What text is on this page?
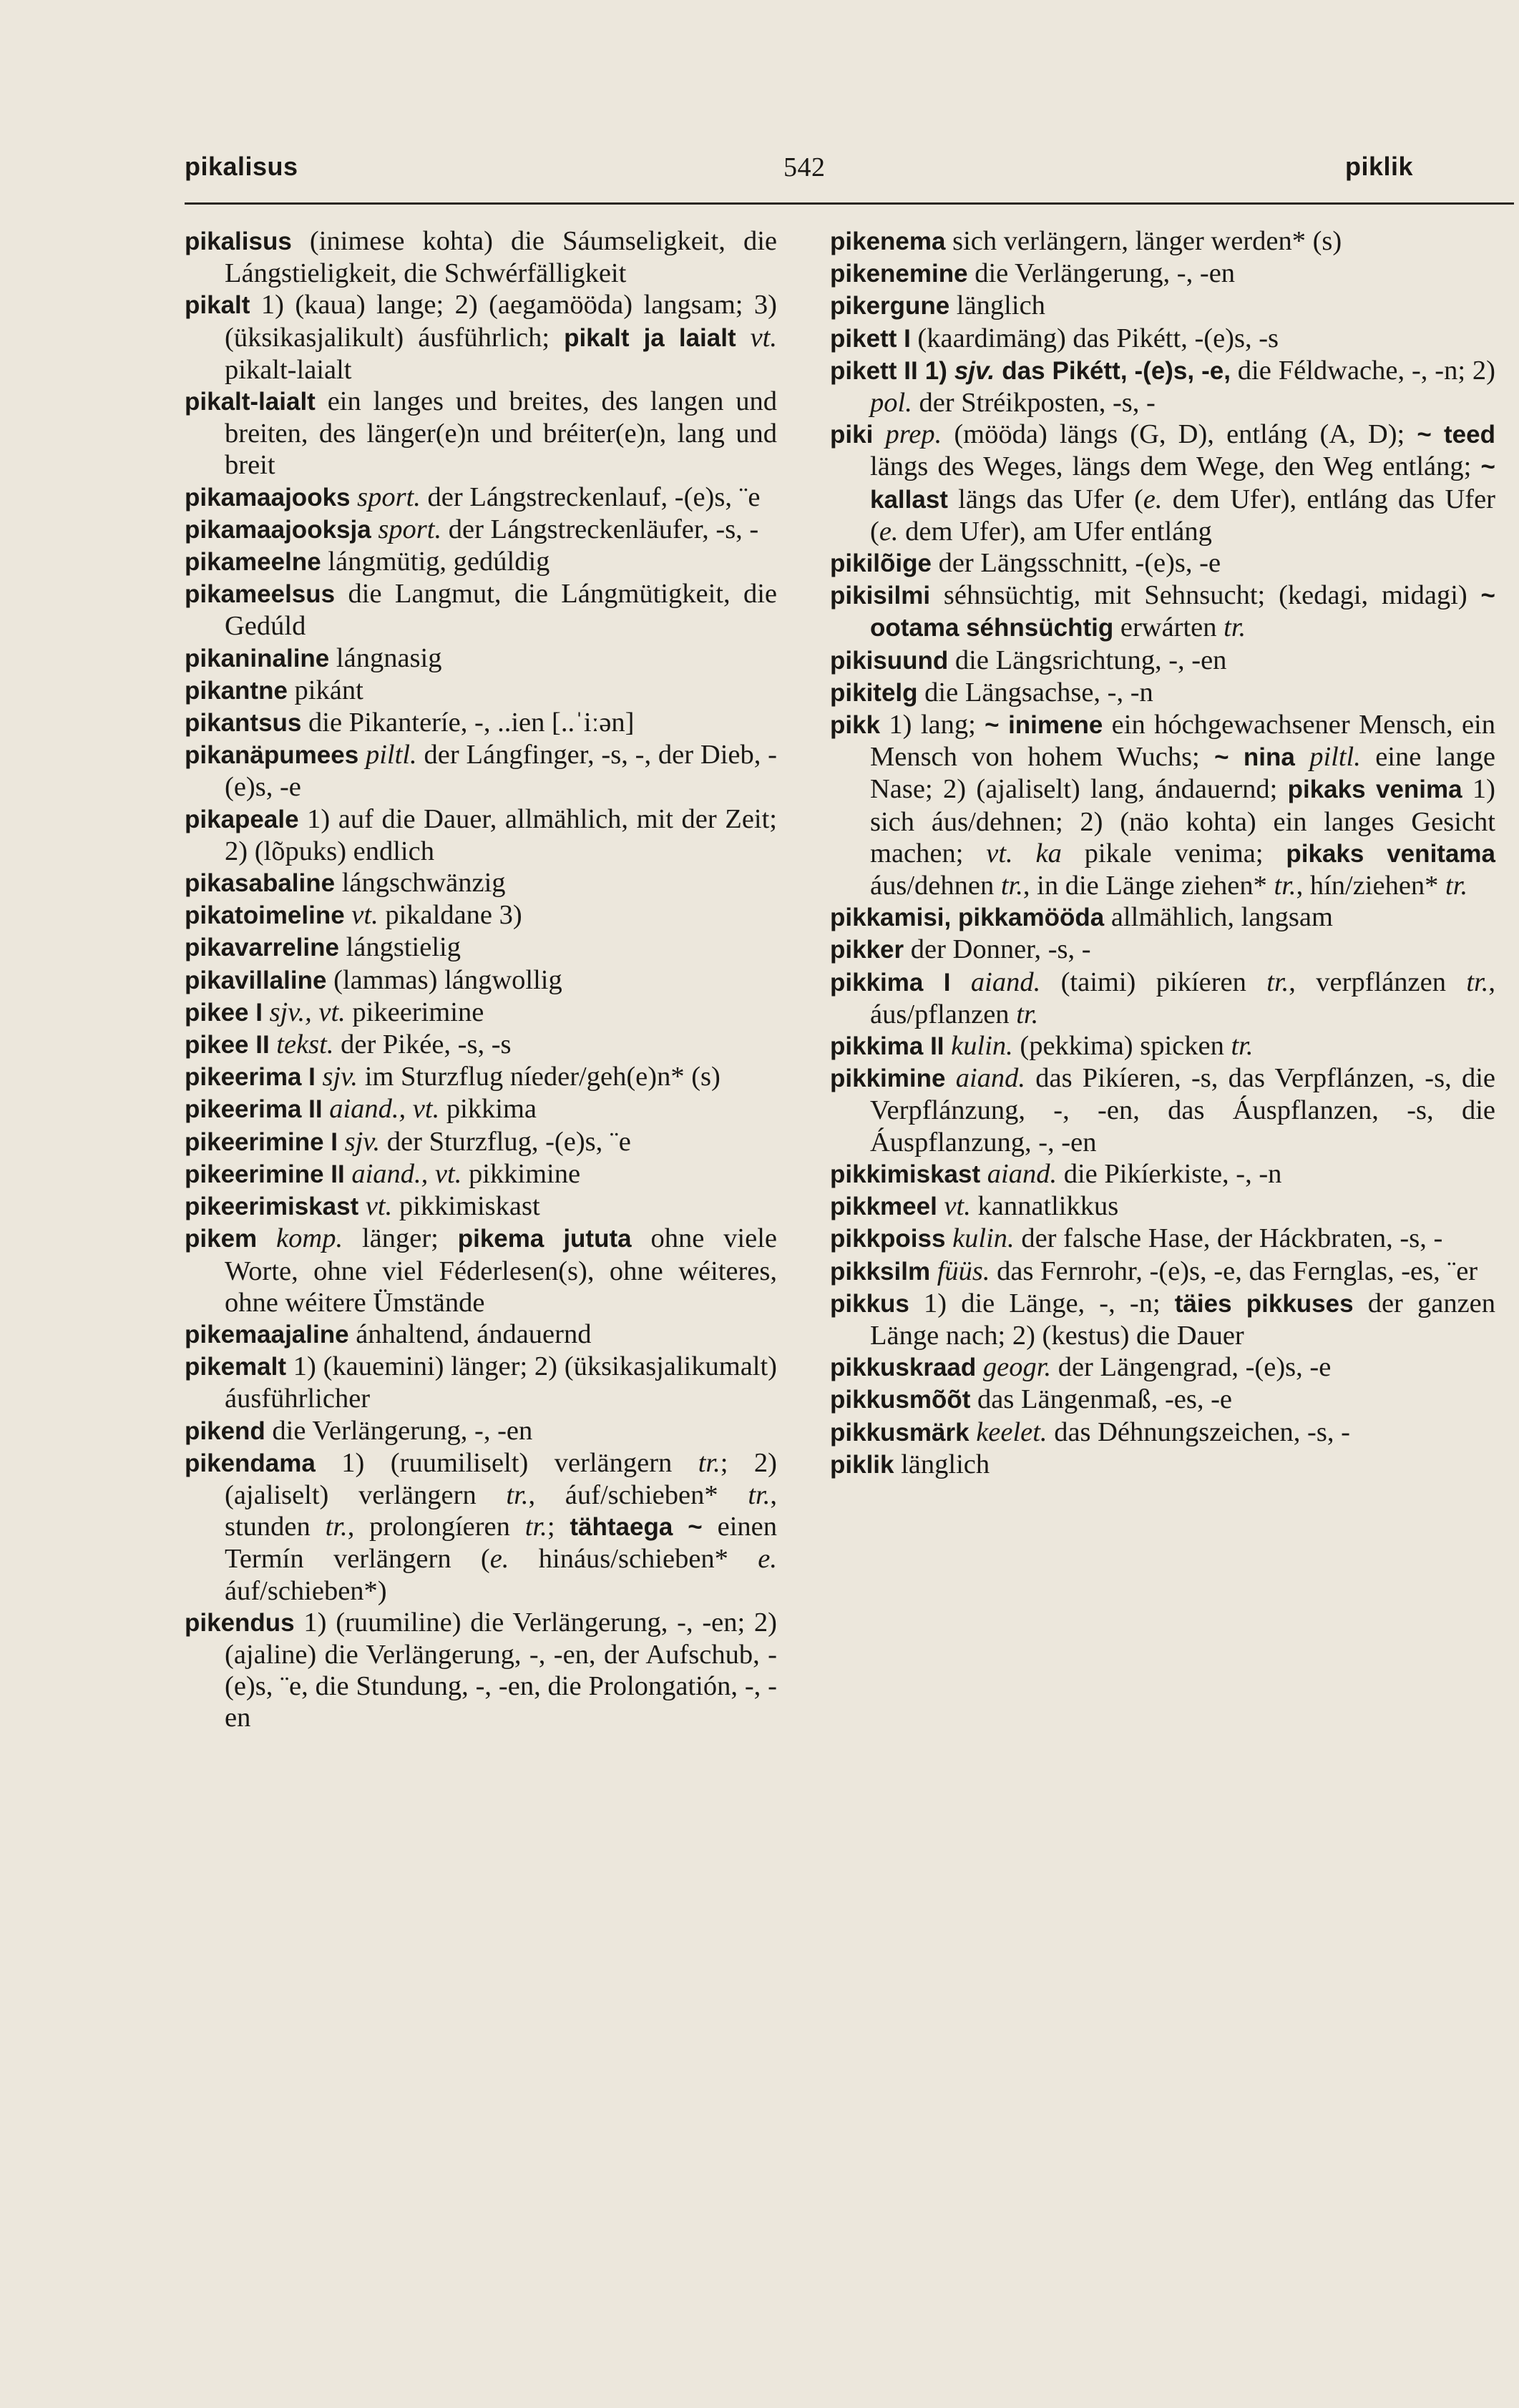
pikalisus	542	piklik
pikalisus (inimese kohta) die Sáumseligkeit, die Lángstieligkeit, die Schwérfälligkeit
pikalt 1) (kaua) lange; 2) (aegamööda) langsam; 3) (üksikasjalikult) áusführlich; pikalt ja laialt vt. pikalt-laialt
pikalt-laialt ein langes und breites, des langen und breiten, des länger(e)n und bréiter(e)n, lang und breit
pikamaajooks sport. der Lángstreckenlauf, -(e)s, ¨e
pikamaajooksja sport. der Lángstreckenläufer, -s, -
pikameelne lángmütig, gedúldig
pikameelsus die Langmut, die Lángmütigkeit, die Gedúld
pikaninaline lángnasig
pikantne pikánt
pikantsus die Pikanteríe, -, ..ien [..ˈiːən]
pikanäpumees piltl. der Lángfinger, -s, -, der Dieb, -(e)s, -e
pikapeale 1) auf die Dauer, allmählich, mit der Zeit; 2) (lõpuks) endlich
pikasabaline lángschwänzig
pikatoimeline vt. pikaldane 3)
pikavarreline lángstielig
pikavillaline (lammas) lángwollig
pikee I sjv., vt. pikeerimine
pikee II tekst. der Pikée, -s, -s
pikeerima I sjv. im Sturzflug níeder/geh(e)n* (s)
pikeerima II aiand., vt. pikkima
pikeerimine I sjv. der Sturzflug, -(e)s, ¨e
pikeerimine II aiand., vt. pikkimine
pikeerimiskast vt. pikkimiskast
pikem komp. länger; pikema jututa ohne viele Worte, ohne viel Féderlesen(s), ohne wéiteres, ohne wéitere Ümstände
pikemaajaline ánhaltend, ándauernd
pikemalt 1) (kauemini) länger; 2) (üksikasjalikumalt) áusführlicher
pikend die Verlängerung, -, -en
pikendama 1) (ruumiliselt) verlängern tr.; 2) (ajaliselt) verlängern tr., áuf/schieben* tr., stunden tr., prolongíeren tr.; tähtaega ~ einen Termín verlängern (e. hináus/schieben* e. áuf/schieben*)
pikendus 1) (ruumiline) die Verlängerung, -, -en; 2) (ajaline) die Verlängerung, -, -en, der Aufschub, -(e)s, ¨e, die Stundung, -, -en, die Prolongatión, -, -en
pikenema sich verlängern, länger werden* (s)
pikenemine die Verlängerung, -, -en
pikergune länglich
pikett I (kaardimäng) das Pikétt, -(e)s, -s
pikett II 1) sjv. das Pikétt, -(e)s, -e, die Féldwache, -, -n; 2) pol. der Stréikposten, -s, -
piki prep. (mööda) längs (G, D), entláng (A, D); ~ teed längs des Weges, längs dem Wege, den Weg entláng; ~ kallast längs das Ufer (e. dem Ufer), entláng das Ufer (e. dem Ufer), am Ufer entláng
pikilõige der Längsschnitt, -(e)s, -e
pikisilmi séhnsüchtig, mit Sehnsucht; (kedagi, midagi) ~ ootama séhnsüchtig erwárten tr.
pikisuund die Längsrichtung, -, -en
pikitelg die Längsachse, -, -n
pikk 1) lang; ~ inimene ein hóchgewachsener Mensch, ein Mensch von hohem Wuchs; ~ nina piltl. eine lange Nase; 2) (ajaliselt) lang, ándauernd; pikaks venima 1) sich áus/dehnen; 2) (näo kohta) ein langes Gesicht machen; vt. ka pikale venima; pikaks venitama áus/dehnen tr., in die Länge ziehen* tr., hín/ziehen* tr.
pikkamisi, pikkamööda allmählich, langsam
pikker der Donner, -s, -
pikkima I aiand. (taimi) pikíeren tr., verpflánzen tr., áus/pflanzen tr.
pikkima II kulin. (pekkima) spicken tr.
pikkimine aiand. das Pikíeren, -s, das Verpflánzen, -s, die Verpflánzung, -, -en, das Áuspflanzen, -s, die Áuspflanzung, -, -en
pikkimiskast aiand. die Pikíerkiste, -, -n
pikkmeel vt. kannatlikkus
pikkpoiss kulin. der falsche Hase, der Háckbraten, -s, -
pikksilm füüs. das Fernrohr, -(e)s, -e, das Fernglas, -es, ¨er
pikkus 1) die Länge, -, -n; täies pikkuses der ganzen Länge nach; 2) (kestus) die Dauer
pikkuskraad geogr. der Längengrad, -(e)s, -e
pikkusmõõt das Längenmaß, -es, -e
pikkusmärk keelet. das Déhnungszeichen, -s, -
piklik länglich
